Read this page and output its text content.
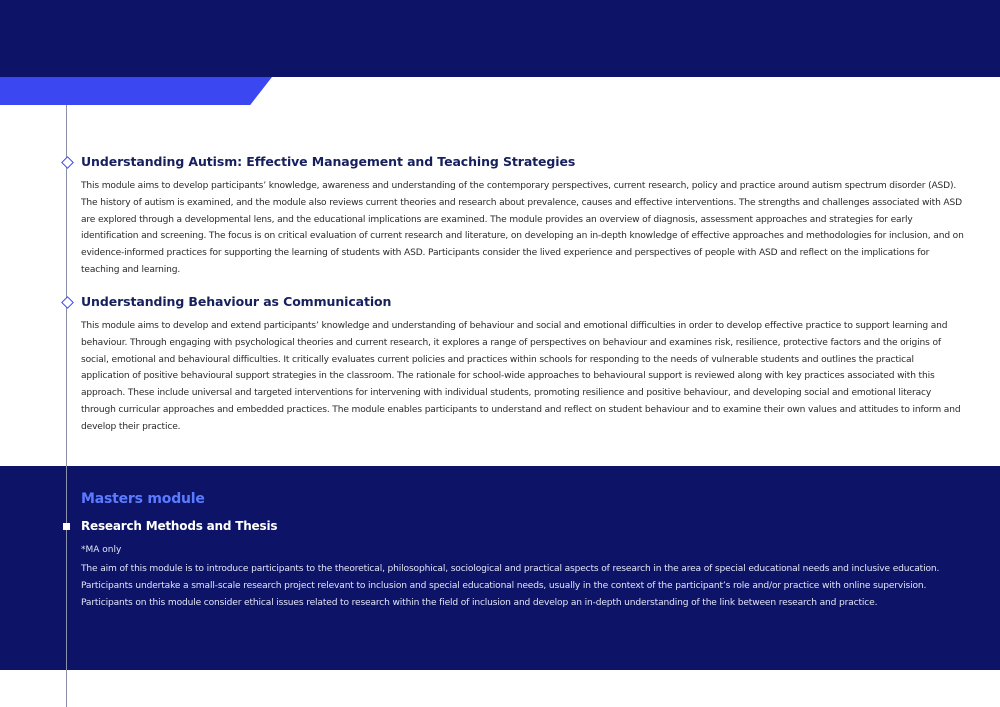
Understanding Autism: Effective Management and Teaching Strategies

This module aims to develop participants’ knowledge, awareness and understanding of the contemporary perspectives, current research, policy and practice around autism spectrum disorder (ASD). The history of autism is examined, and the module also reviews current theories and research about prevalence, causes and effective interventions. The strengths and challenges associated with ASD are explored through a developmental lens, and the educational implications are examined. The module provides an overview of diagnosis, assessment approaches and strategies for early identification and screening. The focus is on critical evaluation of current research and literature, on developing an in-depth knowledge of effective approaches and methodologies for inclusion, and on evidence-informed practices for supporting the learning of students with ASD. Participants consider the lived experience and perspectives of people with ASD and reflect on the implications for teaching and learning.

Understanding Behaviour as Communication

This module aims to develop and extend participants’ knowledge and understanding of behaviour and social and emotional difficulties in order to develop effective practice to support learning and behaviour. Through engaging with psychological theories and current research, it explores a range of perspectives on behaviour and examines risk, resilience, protective factors and the origins of social, emotional and behavioural difficulties. It critically evaluates current policies and practices within schools for responding to the needs of vulnerable students and outlines the practical application of positive behavioural support strategies in the classroom. The rationale for school-wide approaches to behavioural support is reviewed along with key practices associated with this approach. These include universal and targeted interventions for intervening with individual students, promoting resilience and positive behaviour, and developing social and emotional literacy through curricular approaches and embedded practices. The module enables participants to understand and reflect on student behaviour and to examine their own values and attitudes to inform and develop their practice.

Masters module
Research Methods and Thesis

*MA only

The aim of this module is to introduce participants to the theoretical, philosophical, sociological and practical aspects of research in the area of special educational needs and inclusive education. Participants undertake a small-scale research project relevant to inclusion and special educational needs, usually in the context of the participant’s role and/or practice with online supervision. Participants on this module consider ethical issues related to research within the field of inclusion and develop an in-depth understanding of the link between research and practice.
